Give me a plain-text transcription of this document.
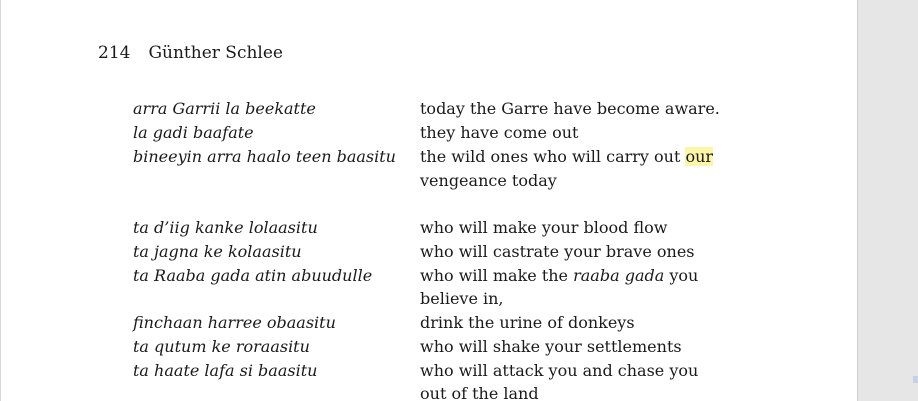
214 Günther Schlee
arra Garrii la beekatte
la gadi baafate
bineeyin arra haalo teen baasitu
today the Garre have become aware.
they have come out
the wild ones who will carry out our
vengeance today
ta d’iig kanke lolaasitu
ta jagna ke kolaasitu
ta Raaba gada atin abuudulle
finchaan harree obaasitu
ta qutum ke roraasitu
ta haate lafa si baasitu
who will make your blood flow
who will castrate your brave ones
who will make the raaba gada you
believe in,
drink the urine of donkeys
who will shake your settlements
who will attack you and chase you
out of the land
